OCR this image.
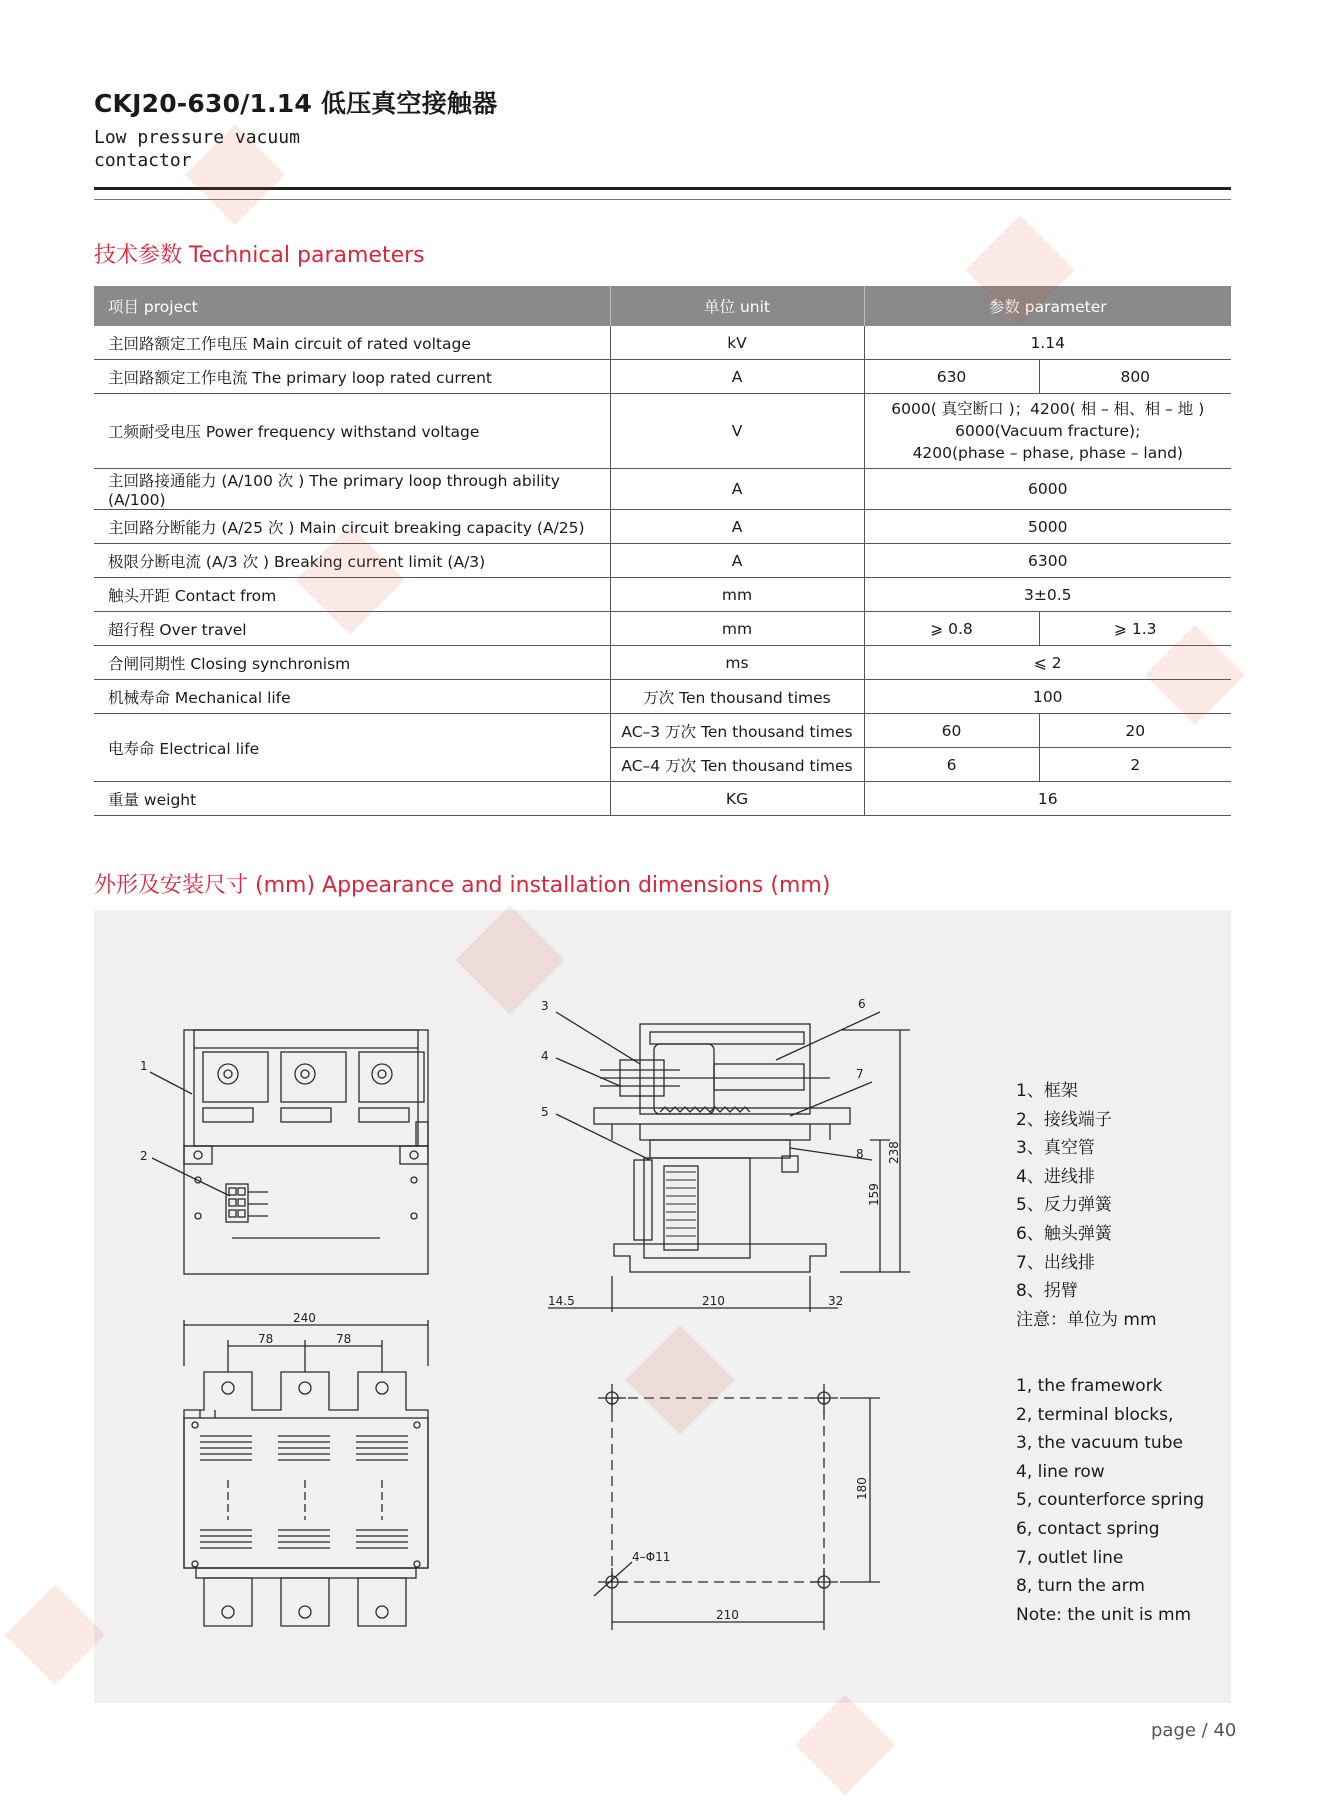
CKJ20-630/1.14 低压真空接触器
Low pressure vacuum
contactor
技术参数 Technical parameters
项目 project	单位 unit	参数 parameter	
主回路额定工作电压 Main circuit of rated voltage	kV	1.14	
主回路额定工作电流 The primary loop rated current	A	630	800
工频耐受电压 Power frequency withstand voltage	V	6000( 真空断口 )；4200( 相 – 相、相 – 地 )
6000(Vacuum fracture);
4200(phase – phase, phase – land)	

主回路接通能力 (A/100 次 ) The primary loop through ability (A/100)	A	6000	
主回路分断能力 (A/25 次 ) Main circuit breaking capacity (A/25)	A	5000	
极限分断电流 (A/3 次 ) Breaking current limit (A/3)	A	6300	
触头开距 Contact from	mm	3±0.5	
超行程 Over travel	mm	⩾ 0.8	⩾ 1.3
合闸同期性 Closing synchronism	ms	⩽ 2	
机械寿命 Mechanical life	万次 Ten thousand times	100	
电寿命 Electrical life	AC–3 万次 Ten thousand times	60	20
	AC–4 万次 Ten thousand times	6	2
重量 weight	KG	16	
外形及安装尺寸 (mm) Appearance and installation dimensions (mm)
1
2
240
78	78
3
4
5
6
7
8
14.5	210	32
238
159
180
210
4–Φ11
1、框架
2、接线端子
3、真空管
4、进线排
5、反力弹簧
6、触头弹簧
7、出线排
8、拐臂
注意：单位为 mm
1, the framework
2, terminal blocks,
3, the vacuum tube
4, line row
5, counterforce spring
6, contact spring
7, outlet line
8, turn the arm
Note: the unit is mm
page / 40
